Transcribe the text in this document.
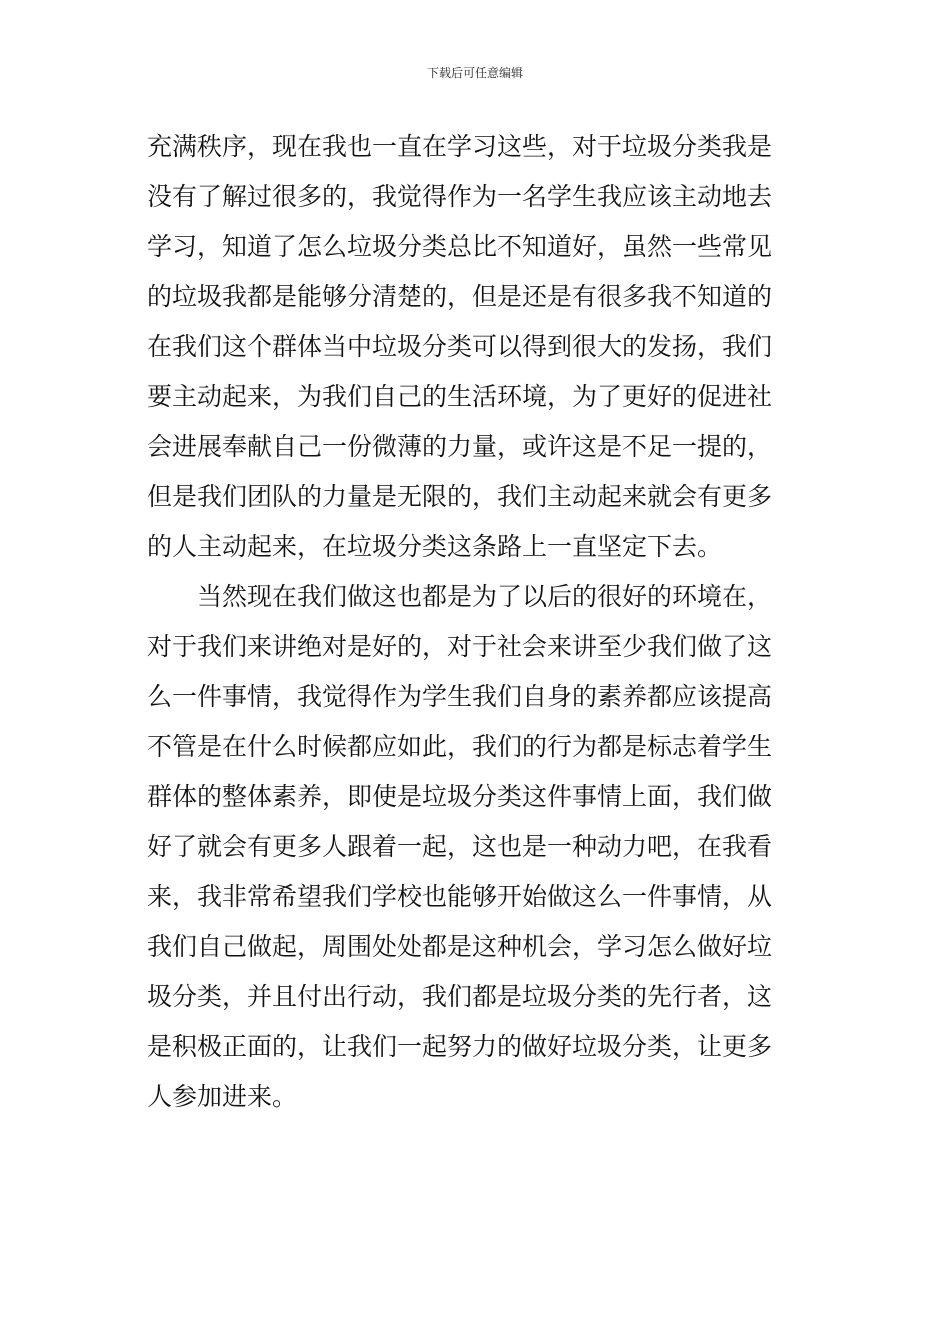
下载后可任意编辑
充满秩序，现在我也一直在学习这些，对于垃圾分类我是
没有了解过很多的，我觉得作为一名学生我应该主动地去
学习，知道了怎么垃圾分类总比不知道好，虽然一些常见
的垃圾我都是能够分清楚的，但是还是有很多我不知道的
在我们这个群体当中垃圾分类可以得到很大的发扬，我们
要主动起来，为我们自己的生活环境，为了更好的促进社
会进展奉献自己一份微薄的力量，或许这是不足一提的，
但是我们团队的力量是无限的，我们主动起来就会有更多
的人主动起来，在垃圾分类这条路上一直坚定下去。
　　当然现在我们做这也都是为了以后的很好的环境在，
对于我们来讲绝对是好的，对于社会来讲至少我们做了这
么一件事情，我觉得作为学生我们自身的素养都应该提高
不管是在什么时候都应如此，我们的行为都是标志着学生
群体的整体素养，即使是垃圾分类这件事情上面，我们做
好了就会有更多人跟着一起，这也是一种动力吧，在我看
来，我非常希望我们学校也能够开始做这么一件事情，从
我们自己做起，周围处处都是这种机会，学习怎么做好垃
圾分类，并且付出行动，我们都是垃圾分类的先行者，这
是积极正面的，让我们一起努力的做好垃圾分类，让更多
人参加进来。
